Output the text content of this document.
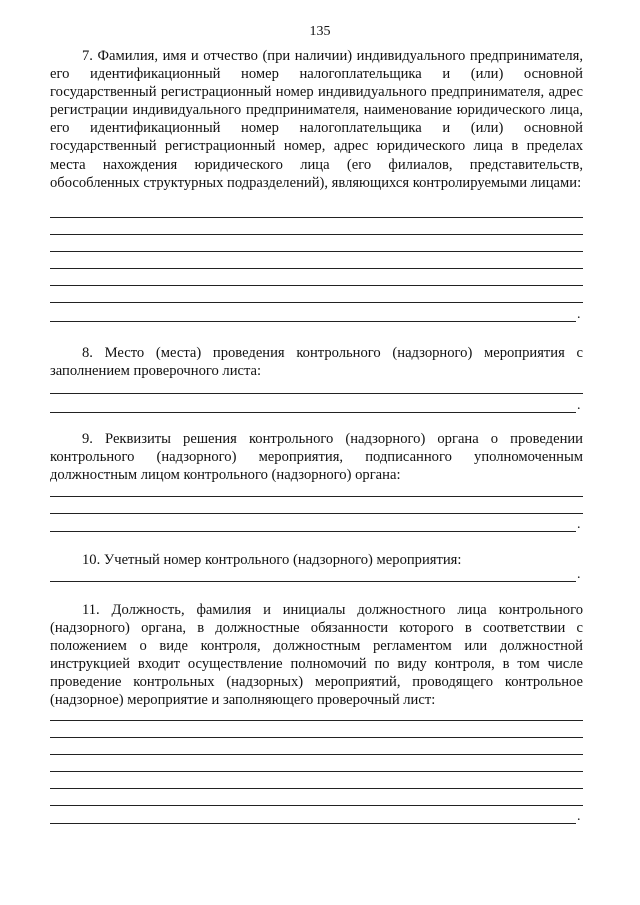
135

7. Фамилия, имя и отчество (при наличии) индивидуального предпринимателя, его идентификационный номер налогоплательщика и (или) основной государственный регистрационный номер индивидуального предпринимателя, адрес регистрации индивидуального предпринимателя, наименование юридического лица, его идентификационный номер налогоплательщика и (или) основной государственный регистрационный номер, адрес юридического лица в пределах места нахождения юридического лица (его филиалов, представительств, обособленных структурных подразделений), являющихся контролируемыми лицами:

.

8. Место (места) проведения контрольного (надзорного) мероприятия с заполнением проверочного листа:

.

9. Реквизиты решения контрольного (надзорного) органа о проведении контрольного (надзорного) мероприятия, подписанного уполномоченным должностным лицом контрольного (надзорного) органа:

.

10. Учетный номер контрольного (надзорного) мероприятия:

.

11. Должность, фамилия и инициалы должностного лица контрольного (надзорного) органа, в должностные обязанности которого в соответствии с положением о виде контроля, должностным регламентом или должностной инструкцией входит осуществление полномочий по виду контроля, в том числе проведение контрольных (надзорных) мероприятий, проводящего контрольное (надзорное) мероприятие и заполняющего проверочный лист:

.
